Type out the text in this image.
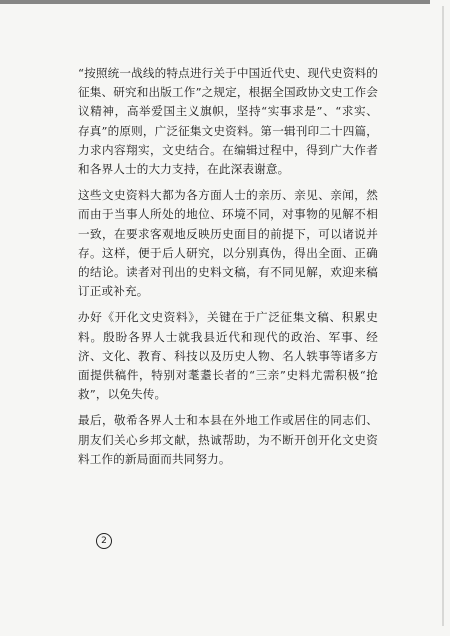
“按照统一战线的特点进行关于中国近代史、现代史资料的征集、研究和出版工作”之规定，根据全国政协文史工作会议精神，高举爱国主义旗帜，坚持“实事求是”、“求实、存真”的原则，广泛征集文史资料。第一辑刊印二十四篇，力求内容翔实，文史结合。在编辑过程中，得到广大作者和各界人士的大力支持，在此深表谢意。

这些文史资料大都为各方面人士的亲历、亲见、亲闻，然而由于当事人所处的地位、环境不同，对事物的见解不相一致，在要求客观地反映历史面目的前提下，可以诸说并存。这样，便于后人研究，以分别真伪，得出全面、正确的结论。读者对刊出的史料文稿，有不同见解，欢迎来稿订正或补充。

办好《开化文史资料》，关键在于广泛征集文稿、积累史料。殷盼各界人士就我县近代和现代的政治、军事、经济、文化、教育、科技以及历史人物、名人轶事等诸多方面提供稿件，特别对耄耋长者的“三亲”史料尤需积极“抢救”，以免失传。

最后，敬希各界人士和本县在外地工作或居住的同志们、朋友们关心乡邦文献，热诚帮助，为不断开创开化文史资料工作的新局面而共同努力。

2
